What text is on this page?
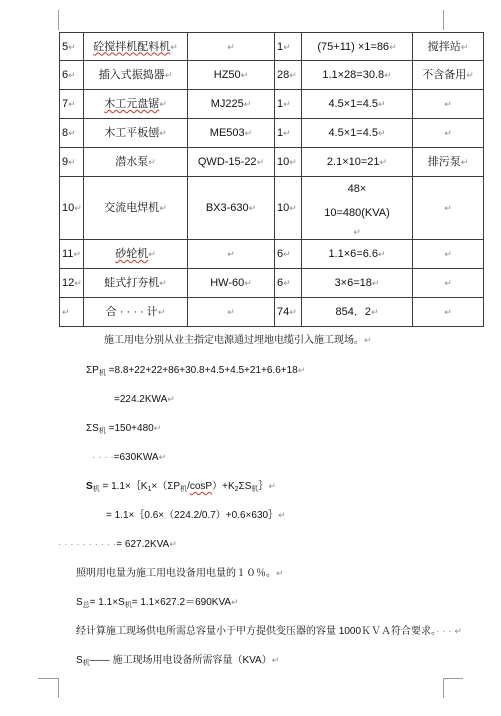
5↵	砼搅拌机配料机↵	↵	1↵	(75+11) ×1=86↵	搅拌站↵
6↵	插入式振捣器↵	HZ50↵	28↵	1.1×28=30.8↵	不含备用↵
7↵	木工元盘锯↵	MJ225↵	1↵	4.5×1=4.5↵	↵
8↵	木工平板刨↵	ME503↵	1↵	4.5×1=4.5↵	↵
9↵	潜水泵↵	QWD-15-22↵	10↵	2.1×10=21↵	排污泵↵
10↵	交流电焊机↵	BX3-630↵	10↵	48×
10=480(KVA)
↵	↵
11↵	砂轮机↵	↵	6↵	1.1×6=6.6↵	↵
12↵	蛙式打夯机↵	HW-60↵	6↵	3×6=18↵	↵
↵	合 · · · · 计↵	↵	74↵	854．2↵	↵
施工用电分别从业主指定电源通过埋地电缆引入施工现场。↵
$\Sigma P_机$ =8.8+22+22+86+30.8+4.5+4.5+21+6.6+18↵
=224.2KWA↵
$\Sigma S_机$ =150+480↵
· · · ·=630KWA↵
$S_机$ = $1.1\times\{K_1\times(\Sigma P_机/\cos P)+K_2\Sigma S_机\}↵$
= 1.1×｛0.6×（224.2/0.7）+0.6×630｝↵
· · · · · · · · · ·= 627.2KVA↵
照明用电量为施工用电设备用电量的１０％。↵
$S_总= 1.1\times S_机=$ 1.1×627.2＝690KVA↵
经计算施工现场供电所需总容量小于甲方提供变压器的容量 1000ＫＶＡ符合要求。· · · ↵
$S_机——$ 施工现场用电设备所需容量（KVA）↵
